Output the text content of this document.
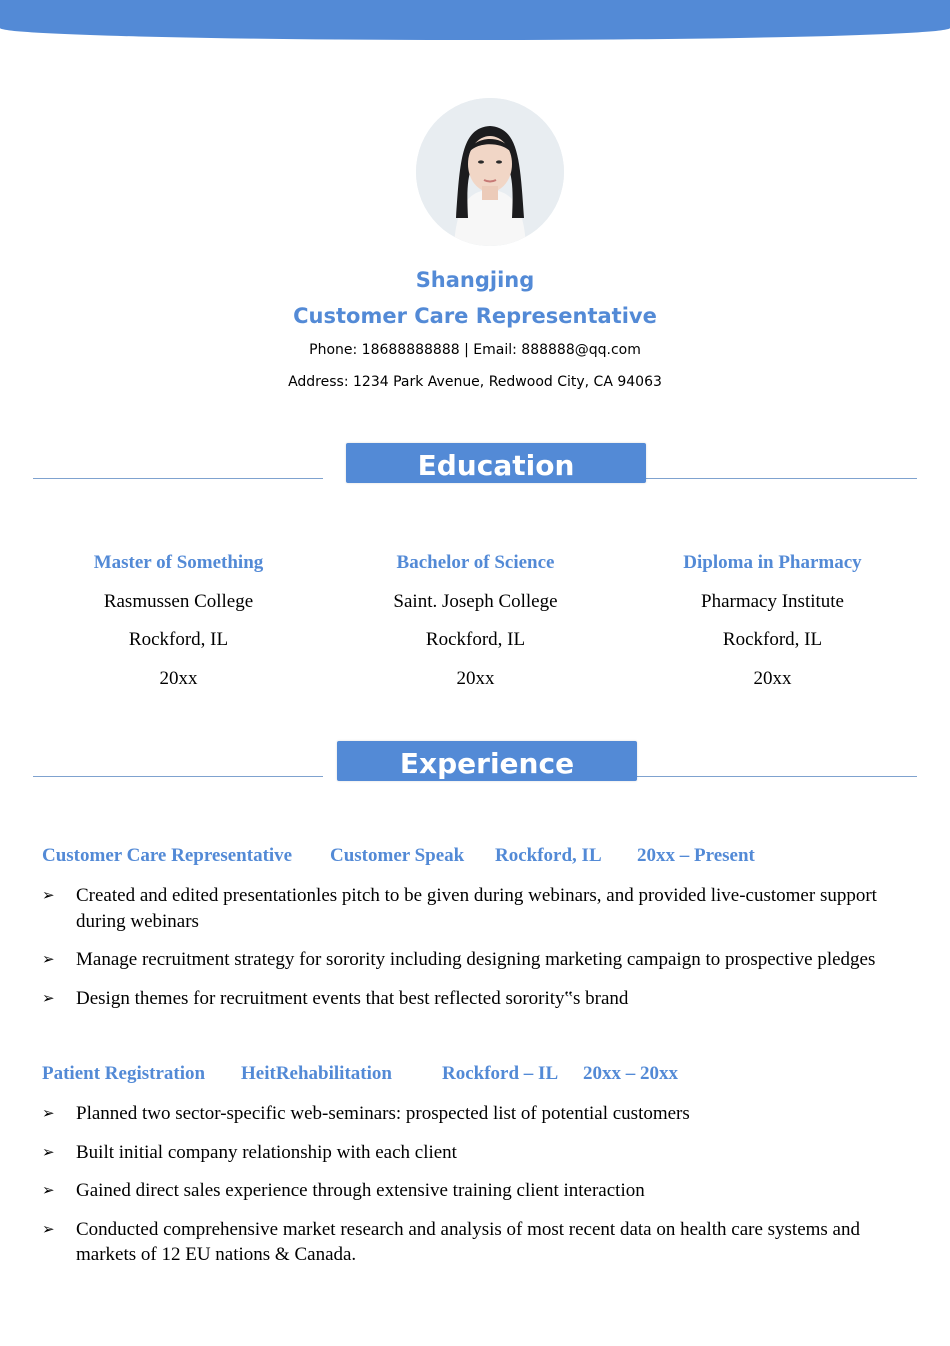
Shangjing
Customer Care Representative
Phone: 18688888888 | Email: 888888@qq.com
Address: 1234 Park Avenue, Redwood City, CA 94063
Education
Master of Something
Rasmussen College
Rockford, IL
20xx
Bachelor of Science
Saint. Joseph College
Rockford, IL
20xx
Diploma in Pharmacy
Pharmacy Institute
Rockford, IL
20xx
Experience
Customer Care Representative Customer Speak Rockford, IL 20xx – Present
➢ Created and edited presentationles pitch to be given during webinars, and provided live-customer support during webinars
➢ Manage recruitment strategy for sorority including designing marketing campaign to prospective pledges
➢ Design themes for recruitment events that best reflected sorority‟s brand
Patient Registration HeitRehabilitation	Rockford – IL 20xx – 20xx
➢ Planned two sector-specific web-seminars: prospected list of potential customers
➢ Built initial company relationship with each client
➢ Gained direct sales experience through extensive training client interaction
➢ Conducted comprehensive market research and analysis of most recent data on health care systems and markets of 12 EU nations & Canada.
